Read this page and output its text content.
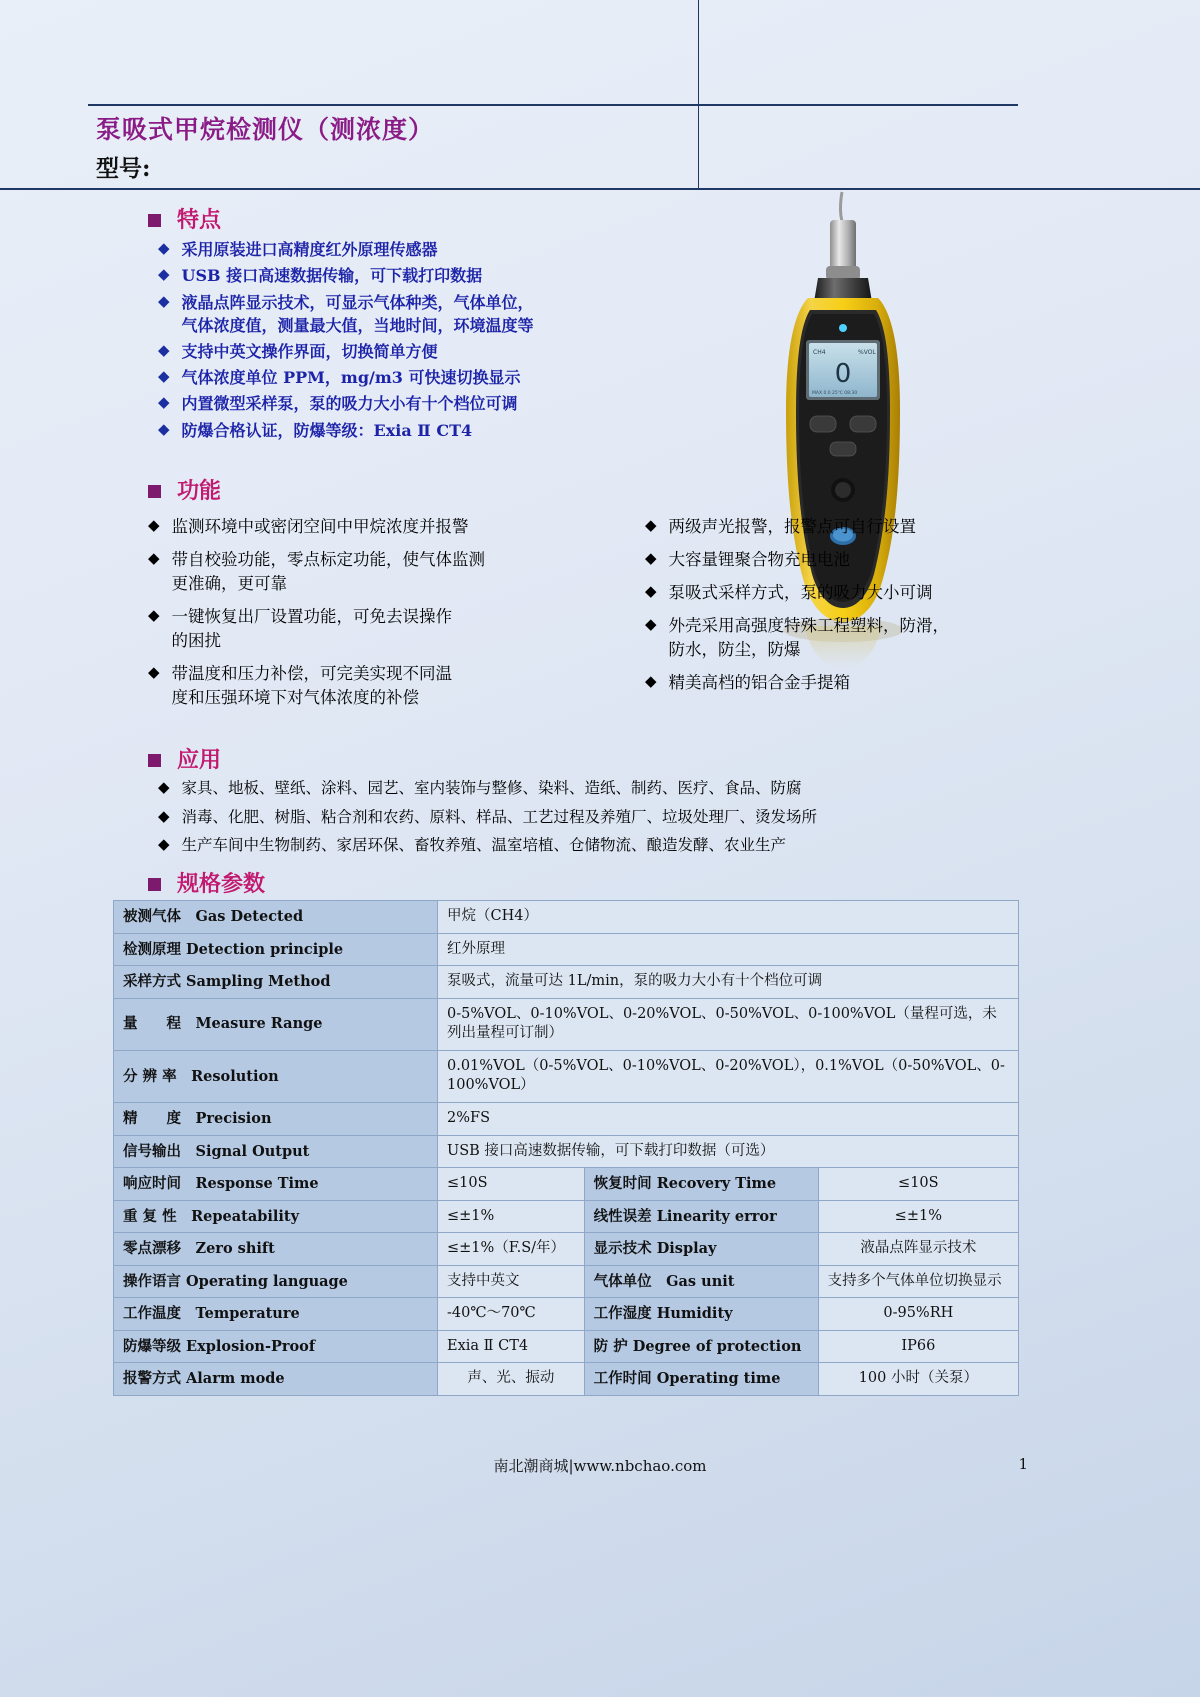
泵吸式甲烷检测仪（测浓度）
型号:
CH4	%VOL
0
MAX 0.0 25℃ 08:30
特点
◆ 采用原装进口高精度红外原理传感器
◆ USB 接口高速数据传输，可下载打印数据
◆ 液晶点阵显示技术，可显示气体种类，气体单位，
气体浓度值，测量最大值，当地时间，环境温度等
◆ 支持中英文操作界面，切换简单方便
◆ 气体浓度单位 PPM，mg/m3 可快速切换显示
◆ 内置微型采样泵，泵的吸力大小有十个档位可调
◆ 防爆合格认证，防爆等级：Exia Ⅱ CT4
功能
◆ 监测环境中或密闭空间中甲烷浓度并报警
◆ 带自校验功能，零点标定功能，使气体监测
更准确，更可靠
◆ 一键恢复出厂设置功能，可免去误操作
的困扰
◆ 带温度和压力补偿，可完美实现不同温
度和压强环境下对气体浓度的补偿
◆ 两级声光报警，报警点可自行设置
◆ 大容量锂聚合物充电电池
◆ 泵吸式采样方式，泵的吸力大小可调
◆ 外壳采用高强度特殊工程塑料，防滑，
防水，防尘，防爆
◆ 精美高档的铝合金手提箱
应用
◆ 家具、地板、壁纸、涂料、园艺、室内装饰与整修、染料、造纸、制药、医疗、食品、防腐
◆ 消毒、化肥、树脂、粘合剂和农药、原料、样品、工艺过程及养殖厂、垃圾处理厂、烫发场所
◆ 生产车间中生物制药、家居环保、畜牧养殖、温室培植、仓储物流、酿造发酵、农业生产
规格参数
被测气体　Gas Detected	甲烷（CH4）		
检测原理 Detection principle	红外原理		
采样方式 Sampling Method	泵吸式，流量可达 1L/min，泵的吸力大小有十个档位可调		
量　　程　Measure Range	0-5%VOL、0-10%VOL、0-20%VOL、0-50%VOL、0-100%VOL（量程可选，未列出量程可订制）		
分 辨 率　Resolution	0.01%VOL（0-5%VOL、0-10%VOL、0-20%VOL），0.1%VOL（0-50%VOL、0-100%VOL）		
精　　度　Precision	2%FS		
信号输出　Signal Output	USB 接口高速数据传输，可下载打印数据（可选）		
响应时间　Response Time	≤10S	恢复时间 Recovery Time	≤10S
重 复 性　Repeatability	≤±1%	线性误差 Linearity error	≤±1%
零点漂移　Zero shift	≤±1%（F.S/年）	显示技术 Display	液晶点阵显示技术
操作语言 Operating language	支持中英文	气体单位　Gas unit	支持多个气体单位切换显示
工作温度　Temperature	-40℃～70℃	工作湿度 Humidity	0-95%RH
防爆等级 Explosion-Proof	Exia Ⅱ CT4	防 护 Degree of protection	IP66
报警方式 Alarm mode	声、光、振动	工作时间 Operating time	100 小时（关泵）
南北潮商城|www.nbchao.com	1
